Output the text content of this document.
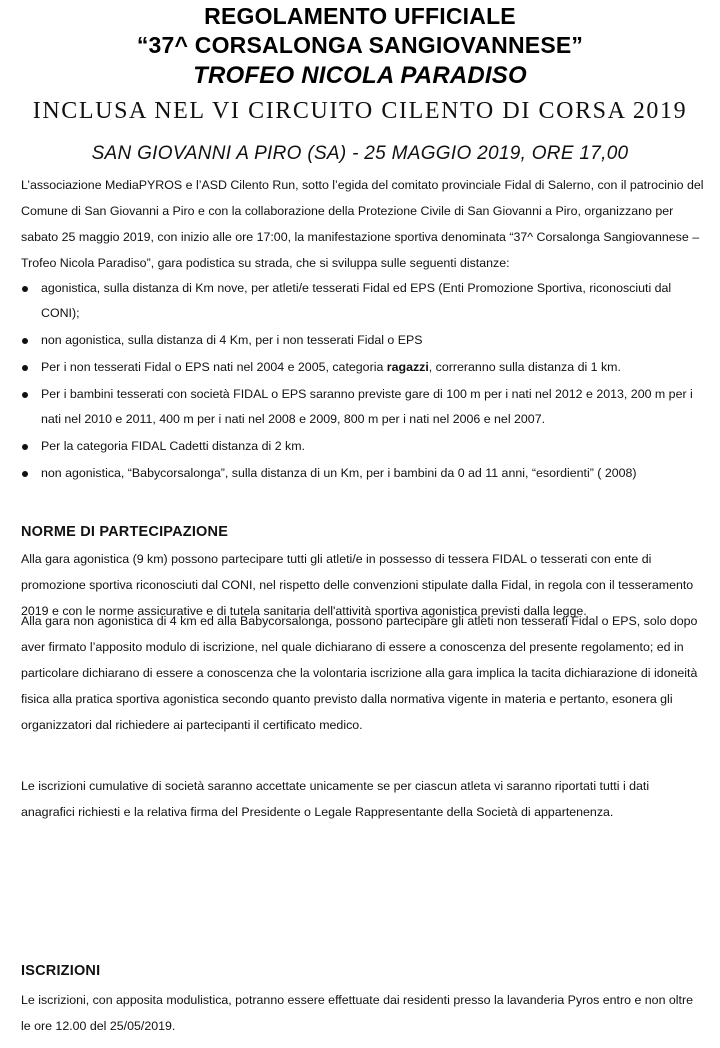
REGOLAMENTO UFFICIALE
“37^ CORSALONGA SANGIOVANNESE”
TROFEO NICOLA PARADISO
INCLUSA NEL VI CIRCUITO CILENTO DI CORSA 2019
SAN GIOVANNI A PIRO (SA) - 25 MAGGIO 2019, ORE 17,00
L’associazione MediaPYROS e l’ASD Cilento Run, sotto l’egida del comitato provinciale Fidal di Salerno, con il patrocinio del Comune di San Giovanni a Piro e con la collaborazione della Protezione Civile di San Giovanni a Piro, organizzano per sabato 25 maggio 2019, con inizio alle ore 17:00, la manifestazione sportiva denominata “37^ Corsalonga Sangiovannese – Trofeo Nicola Paradiso”, gara podistica su strada, che si sviluppa sulle seguenti distanze:
agonistica, sulla distanza di Km nove, per atleti/e tesserati Fidal ed EPS (Enti Promozione Sportiva, riconosciuti dal CONI);
non agonistica, sulla distanza di 4 Km, per i non tesserati Fidal o EPS
Per i non tesserati Fidal o EPS nati nel 2004 e 2005, categoria ragazzi, correranno sulla distanza di 1 km.
Per i bambini tesserati con società FIDAL o EPS saranno previste gare di 100 m per i nati nel 2012 e 2013, 200 m per i nati nel 2010 e 2011, 400 m per i nati nel 2008 e 2009, 800 m per i nati nel 2006 e nel 2007.
Per la categoria FIDAL Cadetti distanza di 2 km.
non agonistica, “Babycorsalonga”, sulla distanza di un Km, per i bambini da 0 ad 11 anni, “esordienti” ( 2008)
NORME DI PARTECIPAZIONE
Alla gara agonistica (9 km) possono partecipare tutti gli atleti/e in possesso di tessera FIDAL o tesserati con ente di promozione sportiva riconosciuti dal CONI, nel rispetto delle convenzioni stipulate dalla Fidal, in regola con il tesseramento 2019 e con le norme assicurative e di tutela sanitaria dell'attività sportiva agonistica previsti dalla legge.
Alla gara non agonistica di 4 km ed alla Babycorsalonga, possono partecipare gli atleti non tesserati Fidal o EPS, solo dopo aver firmato l’apposito modulo di iscrizione, nel quale dichiarano di essere a conoscenza del presente regolamento; ed in particolare dichiarano di essere a conoscenza che la volontaria iscrizione alla gara implica la tacita dichiarazione di idoneità fisica alla pratica sportiva agonistica secondo quanto previsto dalla normativa vigente in materia e pertanto, esonera gli organizzatori dal richiedere ai partecipanti il certificato medico.
Le iscrizioni cumulative di società saranno accettate unicamente se per ciascun atleta vi saranno riportati tutti i dati anagrafici richiesti e la relativa firma del Presidente o Legale Rappresentante della Società di appartenenza.
ISCRIZIONI
Le iscrizioni, con apposita modulistica, potranno essere effettuate dai residenti presso la lavanderia Pyros entro e non oltre le ore 12.00 del 25/05/2019.
